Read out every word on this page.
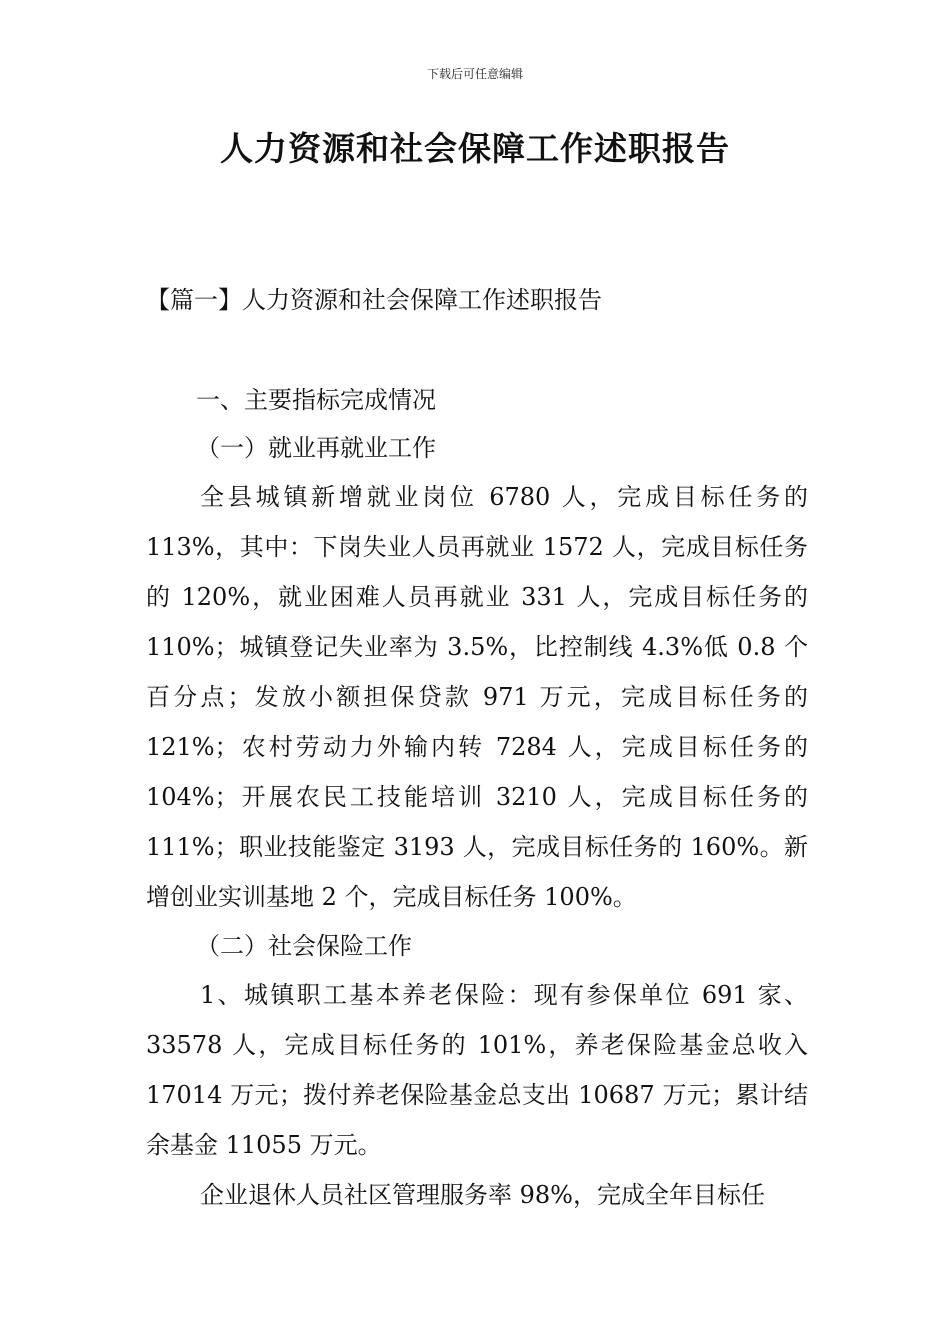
下载后可任意编辑
人力资源和社会保障工作述职报告
【篇一】人力资源和社会保障工作述职报告
一、主要指标完成情况
（一）就业再就业工作
全县城镇新增就业岗位 6780 人，完成目标任务的 113%，其中：下岗失业人员再就业 1572 人，完成目标任务的 120%，就业困难人员再就业 331 人，完成目标任务的 110%；城镇登记失业率为 3.5%，比控制线 4.3%低 0.8 个百分点；发放小额担保贷款 971 万元，完成目标任务的 121%；农村劳动力外输内转 7284 人，完成目标任务的 104%；开展农民工技能培训 3210 人，完成目标任务的 111%；职业技能鉴定 3193 人，完成目标任务的 160%。新增创业实训基地 2 个，完成目标任务 100%。
（二）社会保险工作
1、城镇职工基本养老保险：现有参保单位 691 家、33578 人，完成目标任务的 101%，养老保险基金总收入 17014 万元；拨付养老保险基金总支出 10687 万元；累计结余基金 11055 万元。
企业退休人员社区管理服务率 98%，完成全年目标任
